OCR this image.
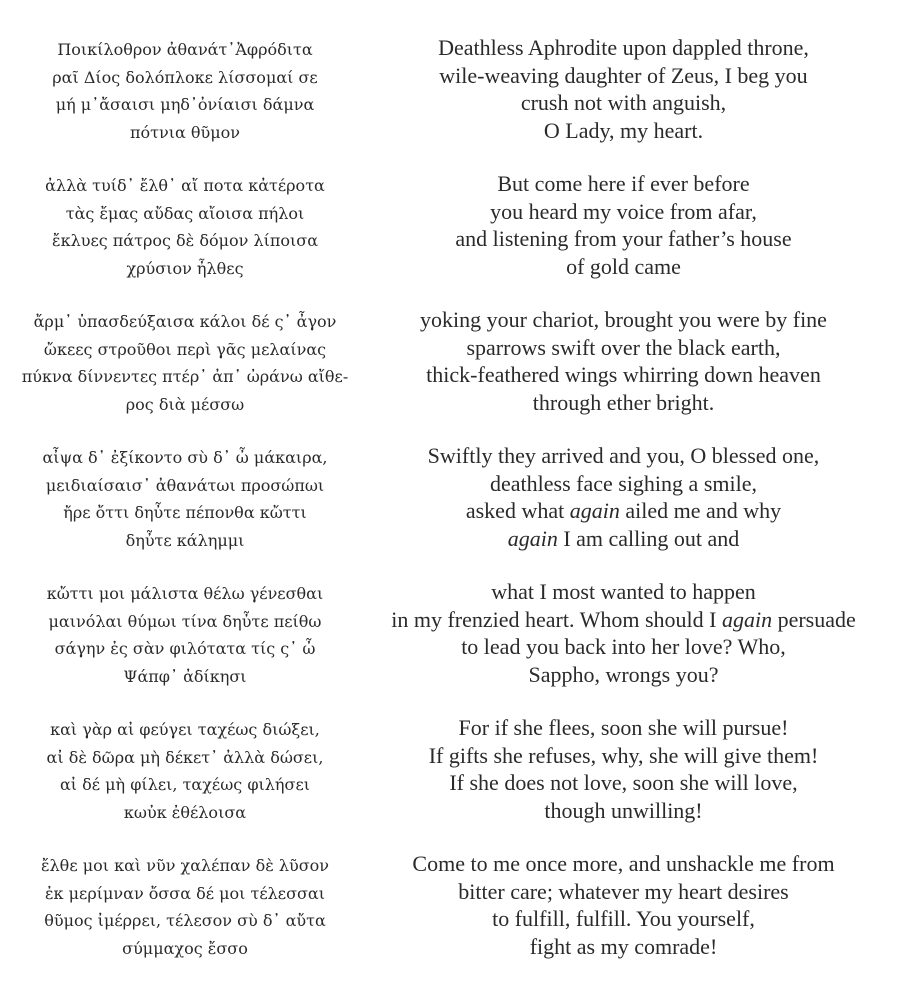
Ποικίλοθρον ἀθανάτ᾽Ἀφρόδιτα
ραῖ Δίος δολόπλοκε λίσσομαί σε
μή μ᾽ἄσαισι μηδ᾽ὀνίαισι δάμνα
πότνια θῦμον
Deathless Aphrodite upon dappled throne,
wile-weaving daughter of Zeus, I beg you
crush not with anguish,
O Lady, my heart.
ἀλλὰ τυίδ᾽ ἔλθ᾽ αἴ ποτα κἀτέροτα
τὰς ἔμας αὔδας αἴοισα πήλοι
ἔκλυες πάτρος δὲ δόμον λίποισα
χρύσιον ἦλθες
But come here if ever before
you heard my voice from afar,
and listening from your father’s house
of gold came
ἄρμ᾽ ὐπασδεύξαισα κάλοι δέ ς᾽ ἆγον
ὤκεες στροῦθοι περὶ γᾶς μελαίνας
πύκνα δίννεντες πτέρ᾽ ἀπ᾽ ὠράνω αἴθε-
ρος διὰ μέσσω
yoking your chariot, brought you were by fine
sparrows swift over the black earth,
thick-feathered wings whirring down heaven
through ether bright.
αἶψα δ᾽ ἐξίκοντο σὺ δ᾽ ὦ μάκαιρα,
μειδιαίσαισ᾽ ἀθανάτωι προσώπωι
ἤρε ὄττι δηὖτε πέπονθα κὤττι
δηὖτε κάλημμι
Swiftly they arrived and you, O blessed one,
deathless face sighing a smile,
asked what again ailed me and why
again I am calling out and
κὤττι μοι μάλιστα θέλω γένεσθαι
μαινόλαι θύμωι τίνα δηὖτε πείθω
σάγην ἐς σὰν φιλότατα τίς ς᾽ ὦ
Ψάπφ᾽ ἀδίκησι
what I most wanted to happen
in my frenzied heart. Whom should I again persuade
to lead you back into her love? Who,
Sappho, wrongs you?
καὶ γὰρ αἰ φεύγει ταχέως διώξει,
αἰ δὲ δῶρα μὴ δέκετ᾽ ἀλλὰ δώσει,
αἰ δέ μὴ φίλει, ταχέως φιλήσει
κωὐκ ἐθέλοισα
For if she flees, soon she will pursue!
If gifts she refuses, why, she will give them!
If she does not love, soon she will love,
though unwilling!
ἔλθε μοι καὶ νῦν χαλέπαν δὲ λῦσον
ἐκ μερίμναν ὄσσα δέ μοι τέλεσσαι
θῦμος ἰμέρρει, τέλεσον σὺ δ᾽ αὔτα
σύμμαχος ἔσσο
Come to me once more, and unshackle me from
bitter care; whatever my heart desires
to fulfill, fulfill. You yourself,
fight as my comrade!
